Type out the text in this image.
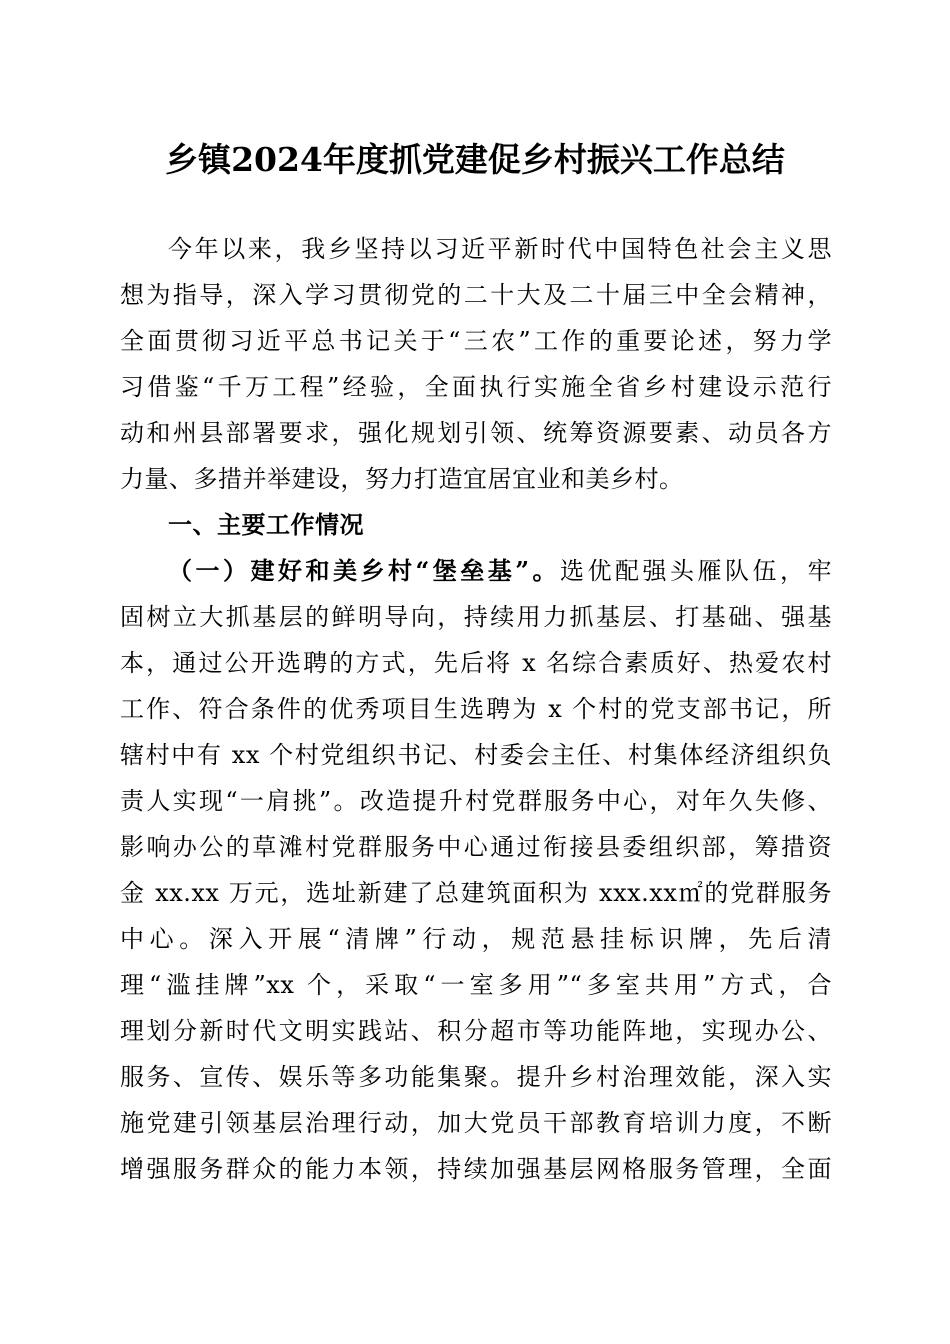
乡镇2024年度抓党建促乡村振兴工作总结
今年以来，我乡坚持以习近平新时代中国特色社会主义思
想为指导，深入学习贯彻党的二十大及二十届三中全会精神，
全面贯彻习近平总书记关于“三农”工作的重要论述，努力学
习借鉴“千万工程”经验，全面执行实施全省乡村建设示范行
动和州县部署要求，强化规划引领、统筹资源要素、动员各方
力量、多措并举建设，努力打造宜居宜业和美乡村。
一、主要工作情况
（一）建好和美乡村“堡垒基”。选优配强头雁队伍，牢
固树立大抓基层的鲜明导向，持续用力抓基层、打基础、强基
本，通过公开选聘的方式，先后将 x 名综合素质好、热爱农村
工作、符合条件的优秀项目生选聘为 x 个村的党支部书记，所
辖村中有 xx 个村党组织书记、村委会主任、村集体经济组织负
责人实现“一肩挑”。改造提升村党群服务中心，对年久失修、
影响办公的草滩村党群服务中心通过衔接县委组织部，筹措资
金 xx.xx 万元，选址新建了总建筑面积为 xxx.xx㎡的党群服务
中心。深入开展“清牌”行动，规范悬挂标识牌，先后清
理“滥挂牌”xx 个，采取“一室多用”“多室共用”方式，合
理划分新时代文明实践站、积分超市等功能阵地，实现办公、
服务、宣传、娱乐等多功能集聚。提升乡村治理效能，深入实
施党建引领基层治理行动，加大党员干部教育培训力度，不断
增强服务群众的能力本领，持续加强基层网格服务管理，全面
